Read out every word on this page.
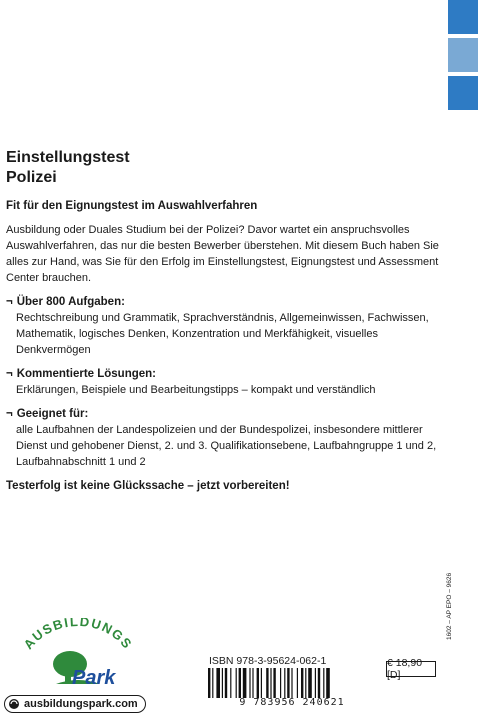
Einstellungstest
Polizei
Fit für den Eignungstest im Auswahlverfahren

Ausbildung oder Duales Studium bei der Polizei? Davor wartet ein anspruchsvolles Auswahlverfahren, das nur die besten Bewerber überstehen. Mit diesem Buch haben Sie alles zur Hand, was Sie für den Erfolg im Einstellungstest, Eignungstest und Assessment Center brauchen.

¬ Über 800 Aufgaben:
Rechtschreibung und Grammatik, Sprachverständnis, Allgemeinwissen, Fachwissen, Mathematik, logisches Denken, Konzentration und Merkfähigkeit, visuelles Denkvermögen
¬ Kommentierte Lösungen:
Erklärungen, Beispiele und Bearbeitungstipps – kompakt und verständlich
¬ Geeignet für:
alle Laufbahnen der Landespolizeien und der Bundespolizei, insbesondere mittlerer Dienst und gehobener Dienst, 2. und 3. Qualifikationsebene, Laufbahngruppe 1 und 2, Laufbahnabschnitt 1 und 2
Testerfolg ist keine Glückssache – jetzt vorbereiten!
AUSBILDUNGS
Park
ausbildungspark.com
ISBN 978-3-95624-062-1
9 783956 240621
€ 18,90 [D]
1602 – AP EPO – 9626
